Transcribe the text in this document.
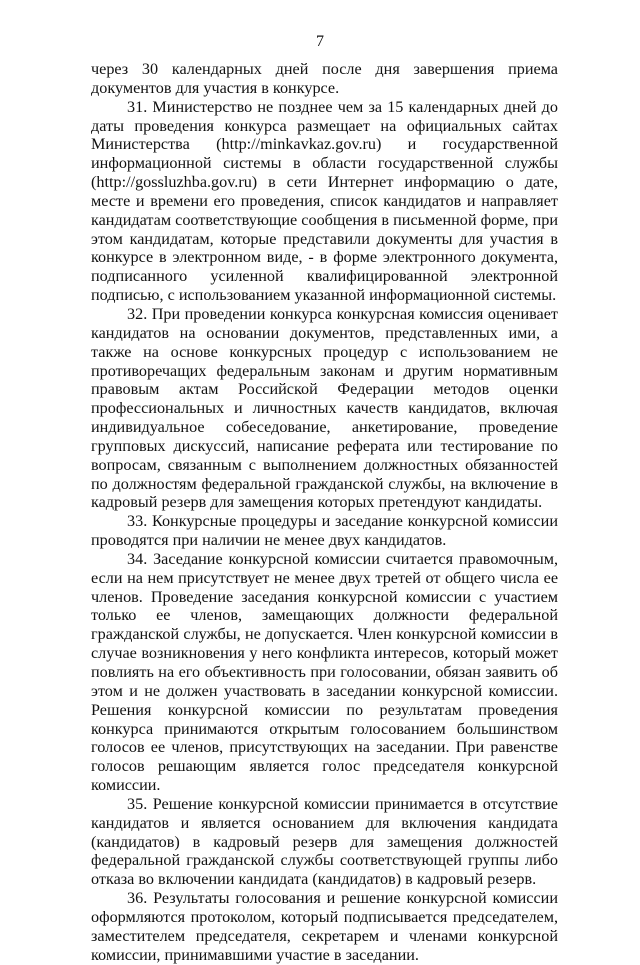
7

через 30 календарных дней после дня завершения приема документов для участия в конкурсе.

31. Министерство не позднее чем за 15 календарных дней до даты проведения конкурса размещает на официальных сайтах Министерства (http://minkavkaz.gov.ru) и государственной информационной системы в области государственной службы (http://gossluzhba.gov.ru) в сети Интернет информацию о дате, месте и времени его проведения, список кандидатов и направляет кандидатам соответствующие сообщения в письменной форме, при этом кандидатам, которые представили документы для участия в конкурсе в электронном виде, - в форме электронного документа, подписанного усиленной квалифицированной электронной подписью, с использованием указанной информационной системы.

32. При проведении конкурса конкурсная комиссия оценивает кандидатов на основании документов, представленных ими, а также на основе конкурсных процедур с использованием не противоречащих федеральным законам и другим нормативным правовым актам Российской Федерации методов оценки профессиональных и личностных качеств кандидатов, включая индивидуальное собеседование, анкетирование, проведение групповых дискуссий, написание реферата или тестирование по вопросам, связанным с выполнением должностных обязанностей по должностям федеральной гражданской службы, на включение в кадровый резерв для замещения которых претендуют кандидаты.

33. Конкурсные процедуры и заседание конкурсной комиссии проводятся при наличии не менее двух кандидатов.

34. Заседание конкурсной комиссии считается правомочным, если на нем присутствует не менее двух третей от общего числа ее членов. Проведение заседания конкурсной комиссии с участием только ее членов, замещающих должности федеральной гражданской службы, не допускается. Член конкурсной комиссии в случае возникновения у него конфликта интересов, который может повлиять на его объективность при голосовании, обязан заявить об этом и не должен участвовать в заседании конкурсной комиссии. Решения конкурсной комиссии по результатам проведения конкурса принимаются открытым голосованием большинством голосов ее членов, присутствующих на заседании. При равенстве голосов решающим является голос председателя конкурсной комиссии.

35. Решение конкурсной комиссии принимается в отсутствие кандидатов и является основанием для включения кандидата (кандидатов) в кадровый резерв для замещения должностей федеральной гражданской службы соответствующей группы либо отказа во включении кандидата (кандидатов) в кадровый резерв.

36. Результаты голосования и решение конкурсной комиссии оформляются протоколом, который подписывается председателем, заместителем председателя, секретарем и членами конкурсной комиссии, принимавшими участие в заседании.
